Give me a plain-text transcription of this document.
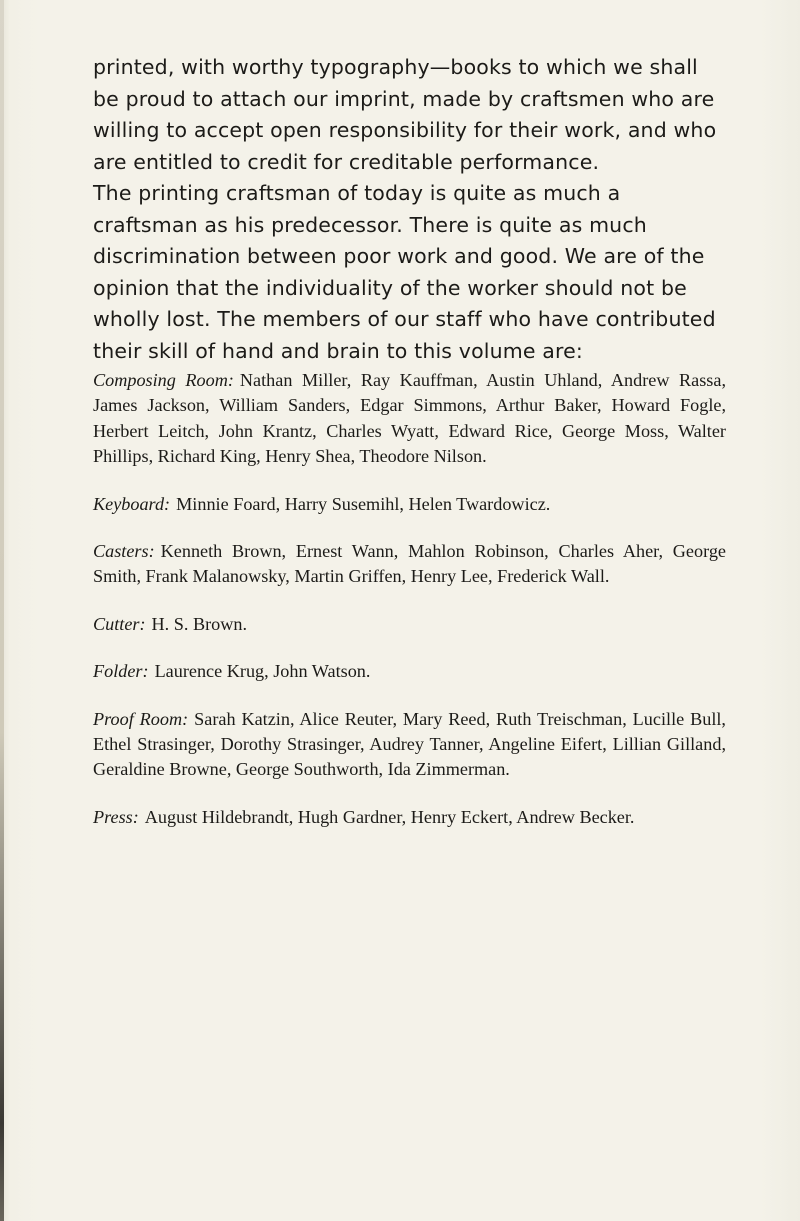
printed, with worthy typography—books to which we shall be proud to attach our imprint, made by craftsmen who are willing to accept open responsibility for their work, and who are entitled to credit for creditable performance.

The printing craftsman of today is quite as much a craftsman as his predecessor. There is quite as much discrimination between poor work and good. We are of the opinion that the individuality of the worker should not be wholly lost. The members of our staff who have contributed their skill of hand and brain to this volume are:

Composing Room: Nathan Miller, Ray Kauffman, Austin Uhland, Andrew Rassa, James Jackson, William Sanders, Edgar Simmons, Arthur Baker, Howard Fogle, Herbert Leitch, John Krantz, Charles Wyatt, Edward Rice, George Moss, Walter Phillips, Richard King, Henry Shea, Theodore Nilson.

Keyboard: Minnie Foard, Harry Susemihl, Helen Twardowicz.

Casters: Kenneth Brown, Ernest Wann, Mahlon Robinson, Charles Aher, George Smith, Frank Malanowsky, Martin Griffen, Henry Lee, Frederick Wall.

Cutter: H. S. Brown.

Folder: Laurence Krug, John Watson.

Proof Room: Sarah Katzin, Alice Reuter, Mary Reed, Ruth Treischman, Lucille Bull, Ethel Strasinger, Dorothy Strasinger, Audrey Tanner, Angeline Eifert, Lillian Gilland, Geraldine Browne, George Southworth, Ida Zimmerman.

Press: August Hildebrandt, Hugh Gardner, Henry Eckert, Andrew Becker.
